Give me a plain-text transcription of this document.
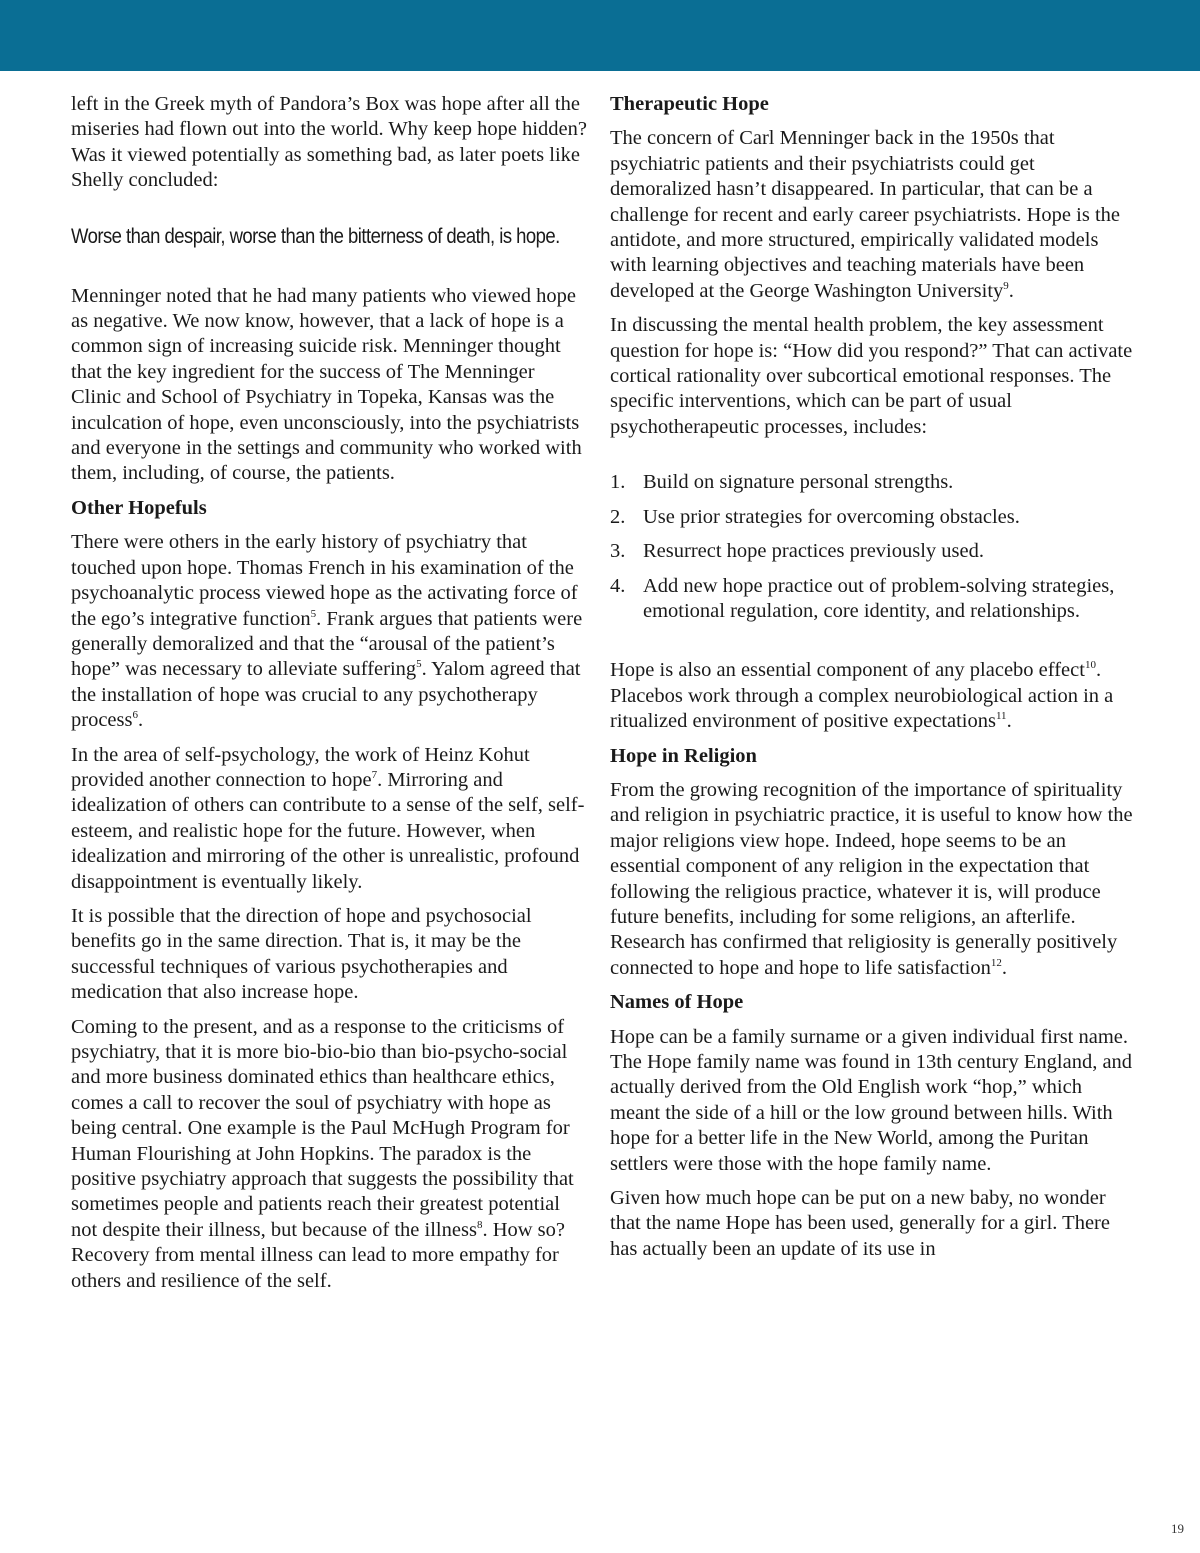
left in the Greek myth of Pandora’s Box was hope after all the miseries had flown out into the world. Why keep hope hidden? Was it viewed potentially as something bad, as later poets like Shelly concluded:

Worse than despair, worse than the bitterness of death, is hope.

Menninger noted that he had many patients who viewed hope as negative. We now know, however, that a lack of hope is a common sign of increasing suicide risk. Menninger thought that the key ingredient for the success of The Menninger Clinic and School of Psychiatry in Topeka, Kansas was the inculcation of hope, even unconsciously, into the psychiatrists and everyone in the settings and community who worked with them, including, of course, the patients.

Other Hopefuls

There were others in the early history of psychiatry that touched upon hope. Thomas French in his examination of the psychoanalytic process viewed hope as the activating force of the ego’s integrative function$^5$. Frank argues that patients were generally demoralized and that the “arousal of the patient’s hope” was necessary to alleviate suffering$^5$. Yalom agreed that the installation of hope was crucial to any psychotherapy process$^6$.

In the area of self-psychology, the work of Heinz Kohut provided another connection to hope$^7$. Mirroring and idealization of others can contribute to a sense of the self, self-esteem, and realistic hope for the future. However, when idealization and mirroring of the other is unrealistic, profound disappointment is eventually likely.

It is possible that the direction of hope and psychosocial benefits go in the same direction. That is, it may be the successful techniques of various psychotherapies and medication that also increase hope.

Coming to the present, and as a response to the criticisms of psychiatry, that it is more bio-bio-bio than bio-psycho-social and more business dominated ethics than healthcare ethics, comes a call to recover the soul of psychiatry with hope as being central. One example is the Paul McHugh Program for Human Flourishing at John Hopkins. The paradox is the positive psychiatry approach that suggests the possibility that sometimes people and patients reach their greatest potential not despite their illness, but because of the illness$^8$. How so? Recovery from mental illness can lead to more empathy for others and resilience of the self.

Therapeutic Hope

The concern of Carl Menninger back in the 1950s that psychiatric patients and their psychiatrists could get demoralized hasn’t disappeared. In particular, that can be a challenge for recent and early career psychiatrists. Hope is the antidote, and more structured, empirically validated models with learning objectives and teaching materials have been developed at the George Washington University$^9$.

In discussing the mental health problem, the key assessment question for hope is: “How did you respond?” That can activate cortical rationality over subcortical emotional responses. The specific interventions, which can be part of usual psychotherapeutic processes, includes:

1. Build on signature personal strengths.
2. Use prior strategies for overcoming obstacles.
3. Resurrect hope practices previously used.
4. Add new hope practice out of problem-solving strategies, emotional regulation, core identity, and relationships.

Hope is also an essential component of any placebo effect$^{10}$. Placebos work through a complex neurobiological action in a ritualized environment of positive expectations$^{11}$.

Hope in Religion

From the growing recognition of the importance of spirituality and religion in psychiatric practice, it is useful to know how the major religions view hope. Indeed, hope seems to be an essential component of any religion in the expectation that following the religious practice, whatever it is, will produce future benefits, including for some religions, an afterlife. Research has confirmed that religiosity is generally positively connected to hope and hope to life satisfaction$^{12}$.

Names of Hope

Hope can be a family surname or a given individual first name. The Hope family name was found in 13th century England, and actually derived from the Old English work “hop,” which meant the side of a hill or the low ground between hills. With hope for a better life in the New World, among the Puritan settlers were those with the hope family name.

Given how much hope can be put on a new baby, no wonder that the name Hope has been used, generally for a girl. There has actually been an update of its use in

19
